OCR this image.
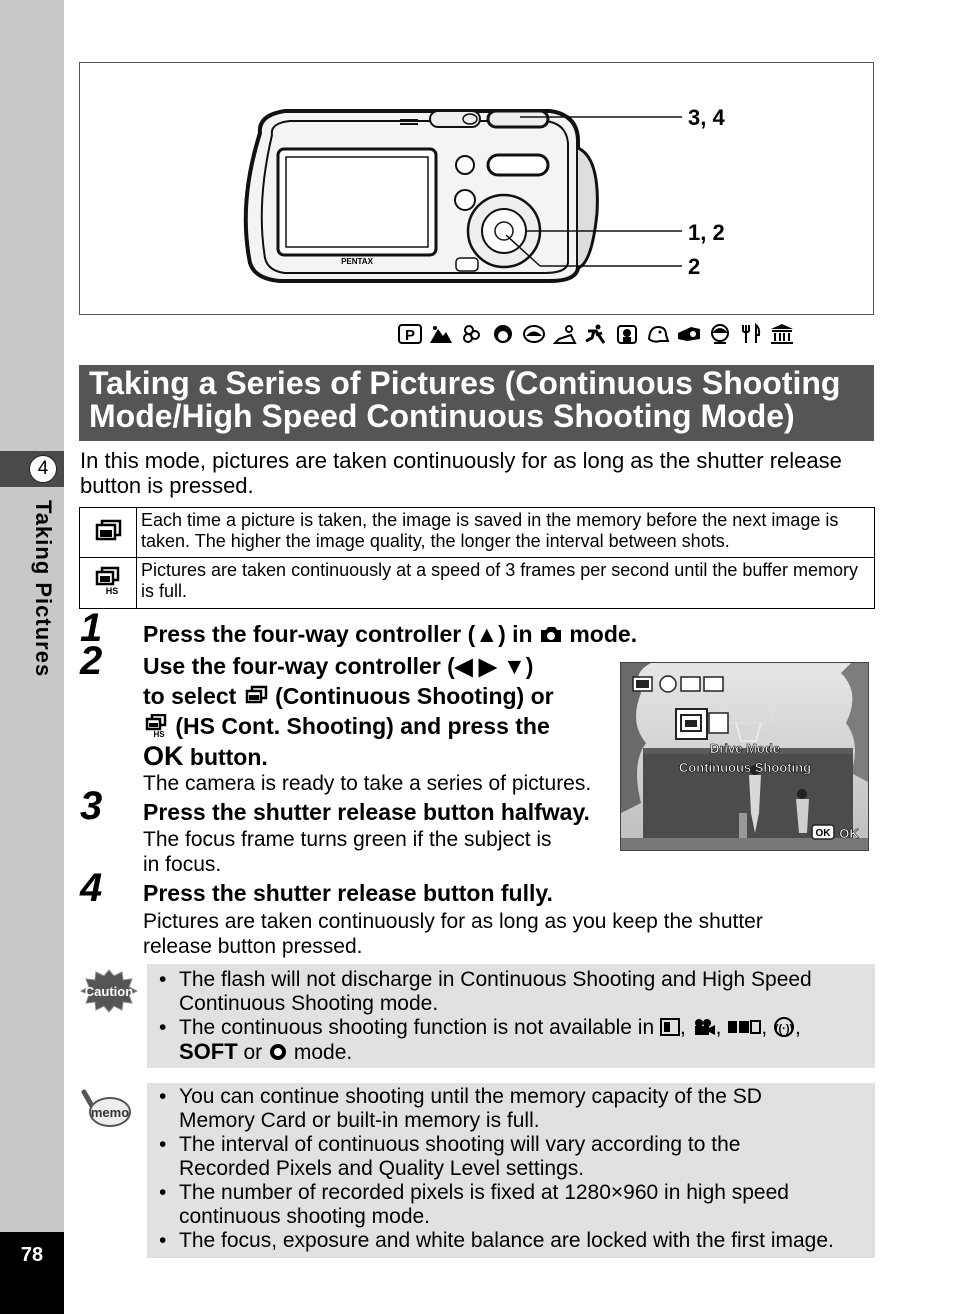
4
Taking Pictures
78
PENTAX
3, 4
1, 2
2
P
Taking a Series of Pictures (Continuous Shooting
Mode/High Speed Continuous Shooting Mode)
In this mode, pictures are taken continuously for as long as the shutter release button is pressed.
Each time a picture is taken, the image is saved in the memory before the next image is taken. The higher the image quality, the longer the interval between shots.
HS
Pictures are taken continuously at a speed of 3 frames per second until the buffer memory is full.
1
2
3
4
Press the four-way controller (▲) in  mode.
Use the four-way controller (◀ ▶ ▼)
to select  (Continuous Shooting) or
HS (HS Cont. Shooting) and press the
OK button.
The camera is ready to take a series of pictures.
Drive Mode
Continuous Shooting
OK OK
Press the shutter release button halfway.
The focus frame turns green if the subject is
in focus.
Press the shutter release button fully.
Pictures are taken continuously for as long as you keep the shutter
release button pressed.
Caution
• The flash will not discharge in Continuous Shooting and High Speed
Continuous Shooting mode.
• The continuous shooting function is not available in , , , ((·)) ,
SOFT or  mode.
memo
• You can continue shooting until the memory capacity of the SD
Memory Card or built-in memory is full.
• The interval of continuous shooting will vary according to the
Recorded Pixels and Quality Level settings.
• The number of recorded pixels is fixed at 1280×960 in high speed
continuous shooting mode.
• The focus, exposure and white balance are locked with the first image.
